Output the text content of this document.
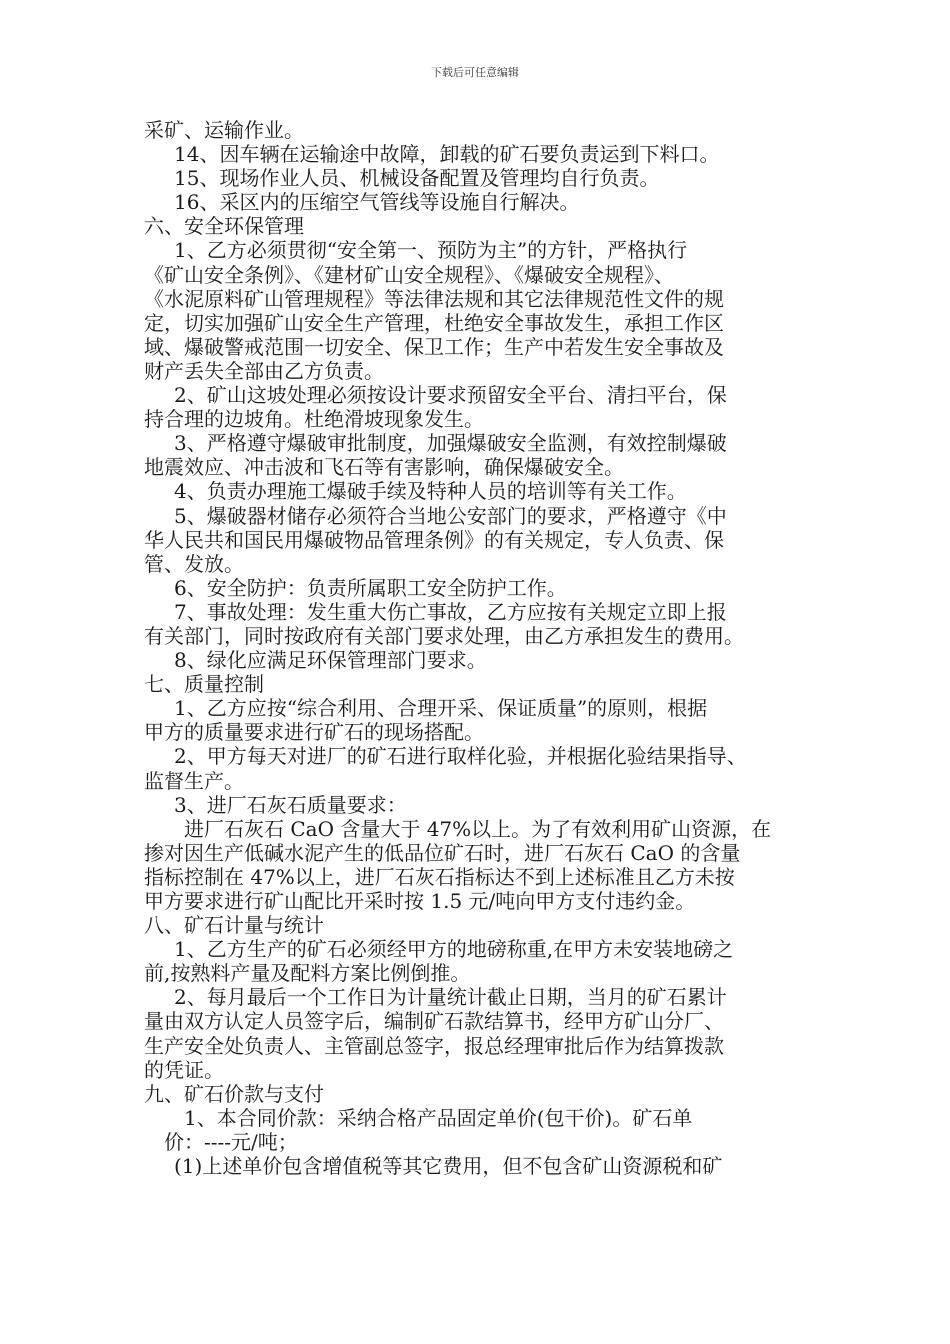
下载后可任意编辑
采矿、运输作业。
14、因车辆在运输途中故障，卸载的矿石要负责运到下料口。
15、现场作业人员、机械设备配置及管理均自行负责。
16、采区内的压缩空气管线等设施自行解决。
六、安全环保管理
1、乙方必须贯彻“安全第一、预防为主”的方针，严格执行
《矿山安全条例》、《建材矿山安全规程》、《爆破安全规程》、
《水泥原料矿山管理规程》等法律法规和其它法律规范性文件的规
定，切实加强矿山安全生产管理，杜绝安全事故发生，承担工作区
域、爆破警戒范围一切安全、保卫工作；生产中若发生安全事故及
财产丢失全部由乙方负责。
2、矿山这坡处理必须按设计要求预留安全平台、清扫平台，保
持合理的边坡角。杜绝滑坡现象发生。
3、严格遵守爆破审批制度，加强爆破安全监测，有效控制爆破
地震效应、冲击波和飞石等有害影响，确保爆破安全。
4、负责办理施工爆破手续及特种人员的培训等有关工作。
5、爆破器材储存必须符合当地公安部门的要求，严格遵守《中
华人民共和国民用爆破物品管理条例》的有关规定，专人负责、保
管、发放。
6、安全防护：负责所属职工安全防护工作。
7、事故处理：发生重大伤亡事故，乙方应按有关规定立即上报
有关部门，同时按政府有关部门要求处理，由乙方承担发生的费用。
8、绿化应满足环保管理部门要求。
七、质量控制
1、乙方应按“综合利用、合理开采、保证质量”的原则，根据
甲方的质量要求进行矿石的现场搭配。
2、甲方每天对进厂的矿石进行取样化验，并根据化验结果指导、
监督生产。
3、进厂石灰石质量要求：
进厂石灰石 CaO 含量大于 47%以上。为了有效利用矿山资源，在
掺对因生产低碱水泥产生的低品位矿石时，进厂石灰石 CaO 的含量
指标控制在 47%以上，进厂石灰石指标达不到上述标准且乙方未按
甲方要求进行矿山配比开采时按 1.5 元/吨向甲方支付违约金。
八、矿石计量与统计
1、乙方生产的矿石必须经甲方的地磅称重,在甲方未安装地磅之
前,按熟料产量及配料方案比例倒推。
2、每月最后一个工作日为计量统计截止日期，当月的矿石累计
量由双方认定人员签字后，编制矿石款结算书，经甲方矿山分厂、
生产安全处负责人、主管副总签字，报总经理审批后作为结算拨款
的凭证。
九、矿石价款与支付
1、本合同价款：采纳合格产品固定单价(包干价)。矿石单
价：----元/吨；
(1)上述单价包含增值税等其它费用，但不包含矿山资源税和矿
